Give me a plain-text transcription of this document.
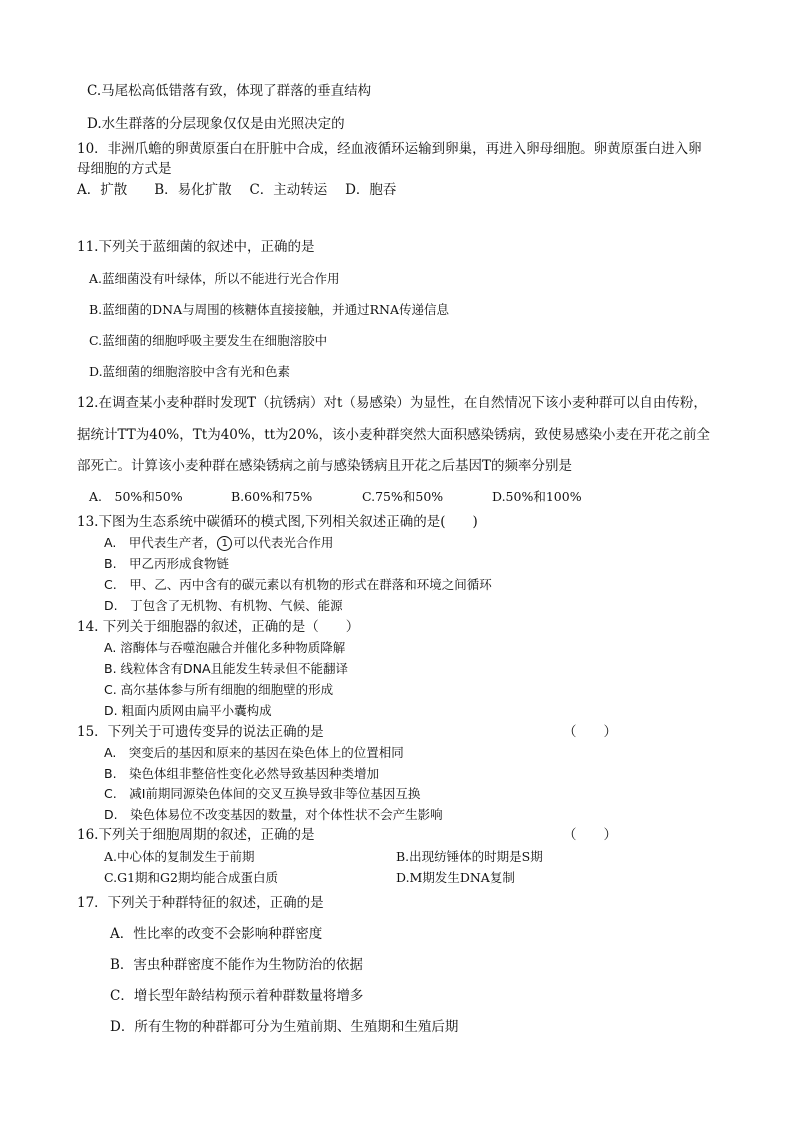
C.马尾松高低错落有致，体现了群落的垂直结构
D.水生群落的分层现象仅仅是由光照决定的
10．非洲爪蟾的卵黄原蛋白在肝脏中合成，经血液循环运输到卵巢，再进入卵母细胞。卵黄原蛋白进入卵
母细胞的方式是
A．扩散　　B．易化扩散　 C．主动转运　 D．胞吞
11.下列关于蓝细菌的叙述中，正确的是
A.蓝细菌没有叶绿体，所以不能进行光合作用
B.蓝细菌的DNA与周围的核糖体直接接触，并通过RNA传递信息
C.蓝细菌的细胞呼吸主要发生在细胞溶胶中
D.蓝细菌的细胞溶胶中含有光和色素
12.在调查某小麦种群时发现T（抗锈病）对t（易感染）为显性，在自然情况下该小麦种群可以自由传粉，
据统计TT为40%，Tt为40%，tt为20%，该小麦种群突然大面积感染锈病，致使易感染小麦在开花之前全
部死亡。计算该小麦种群在感染锈病之前与感染锈病且开花之后基因T的频率分别是
A.　50%和50%	B.60%和75%	C.75%和50%	D.50%和100%
13.下图为生态系统中碳循环的模式图,下列相关叙述正确的是(　　)
A.　甲代表生产者， 1 可以代表光合作用
B.　甲乙丙形成食物链
C.　甲、乙、丙中含有的碳元素以有机物的形式在群落和环境之间循环
D.　丁包含了无机物、有机物、气候、能源
14. 下列关于细胞器的叙述，正确的是（　　）
A. 溶酶体与吞噬泡融合并催化多种物质降解
B. 线粒体含有DNA且能发生转录但不能翻译
C. 高尔基体参与所有细胞的细胞壁的形成
D. 粗面内质网由扁平小囊构成
15．下列关于可遗传变异的说法正确的是	（　　）
A.　突变后的基因和原来的基因在染色体上的位置相同
B.　染色体组非整倍性变化必然导致基因种类增加
C.　减Ⅰ前期同源染色体间的交叉互换导致非等位基因互换
D.　染色体易位不改变基因的数量，对个体性状不会产生影响
16.下列关于细胞周期的叙述，正确的是	（　　）
A.中心体的复制发生于前期	B.出现纺锤体的时期是S期
C.G1期和G2期均能合成蛋白质	D.M期发生DNA复制
17．下列关于种群特征的叙述，正确的是
A．性比率的改变不会影响种群密度
B．害虫种群密度不能作为生物防治的依据
C．增长型年龄结构预示着种群数量将增多
D．所有生物的种群都可分为生殖前期、生殖期和生殖后期
